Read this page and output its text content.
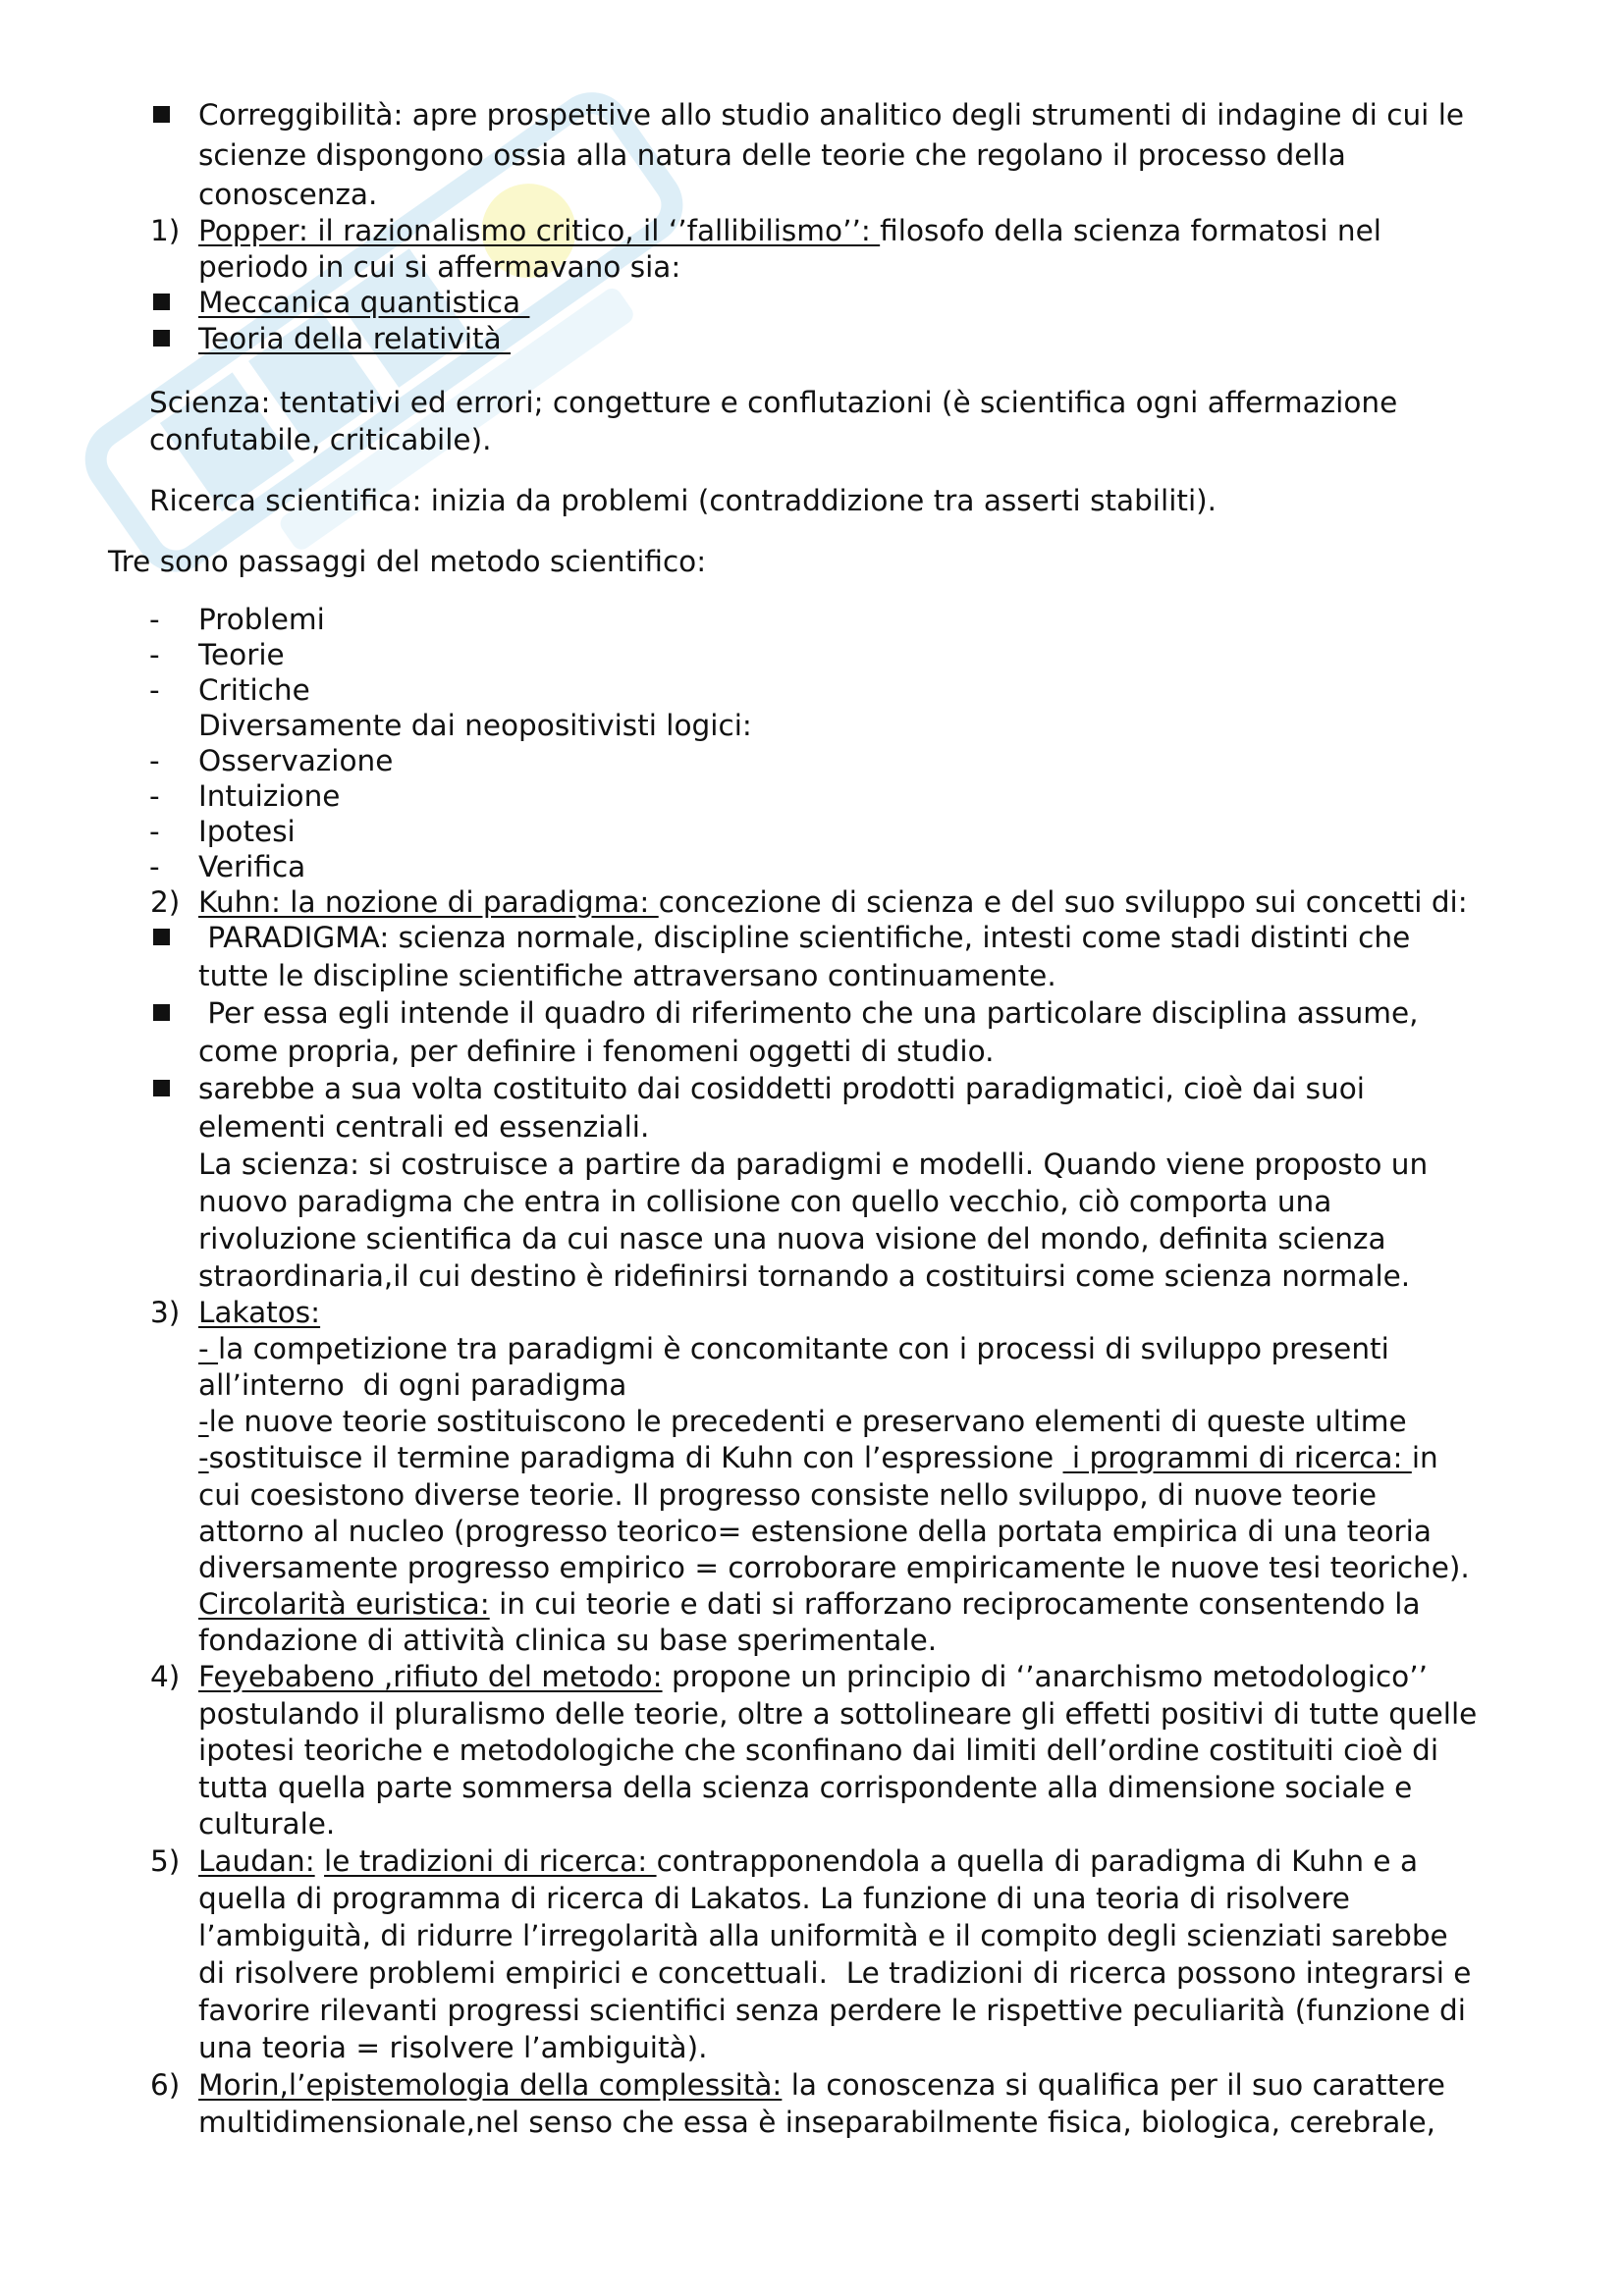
Correggibilità: apre prospettive allo studio analitico degli strumenti di indagine di cui le
scienze dispongono ossia alla natura delle teorie che regolano il processo della
conoscenza.
1) Popper: il razionalismo critico, il ‘’fallibilismo’’: filosofo della scienza formatosi nel
periodo in cui si affermavano sia:
Meccanica quantistica
Teoria della relatività
Scienza: tentativi ed errori; congetture e conflutazioni (è scientifica ogni affermazione
confutabile, criticabile).
Ricerca scientifica: inizia da problemi (contraddizione tra asserti stabiliti).
Tre sono passaggi del metodo scientifico:
- Problemi
- Teorie
- Critiche
Diversamente dai neopositivisti logici:
- Osservazione
- Intuizione
- Ipotesi
- Verifica
2) Kuhn: la nozione di paradigma: concezione di scienza e del suo sviluppo sui concetti di:
PARADIGMA: scienza normale, discipline scientifiche, intesti come stadi distinti che
tutte le discipline scientifiche attraversano continuamente.
Per essa egli intende il quadro di riferimento che una particolare disciplina assume,
come propria, per definire i fenomeni oggetti di studio.
sarebbe a sua volta costituito dai cosiddetti prodotti paradigmatici, cioè dai suoi
elementi centrali ed essenziali.
La scienza: si costruisce a partire da paradigmi e modelli. Quando viene proposto un
nuovo paradigma che entra in collisione con quello vecchio, ciò comporta una
rivoluzione scientifica da cui nasce una nuova visione del mondo, definita scienza
straordinaria,il cui destino è ridefinirsi tornando a costituirsi come scienza normale.
3) Lakatos:
- la competizione tra paradigmi è concomitante con i processi di sviluppo presenti
all’interno  di ogni paradigma
-le nuove teorie sostituiscono le precedenti e preservano elementi di queste ultime
-sostituisce il termine paradigma di Kuhn con l’espressione  i programmi di ricerca: in
cui coesistono diverse teorie. Il progresso consiste nello sviluppo, di nuove teorie
attorno al nucleo (progresso teorico= estensione della portata empirica di una teoria
diversamente progresso empirico = corroborare empiricamente le nuove tesi teoriche).
Circolarità euristica: in cui teorie e dati si rafforzano reciprocamente consentendo la
fondazione di attività clinica su base sperimentale.
4) Feyebabeno ,rifiuto del metodo: propone un principio di ‘’anarchismo metodologico’’
postulando il pluralismo delle teorie, oltre a sottolineare gli effetti positivi di tutte quelle
ipotesi teoriche e metodologiche che sconfinano dai limiti dell’ordine costituiti cioè di
tutta quella parte sommersa della scienza corrispondente alla dimensione sociale e
culturale.
5) Laudan: le tradizioni di ricerca: contrapponendola a quella di paradigma di Kuhn e a
quella di programma di ricerca di Lakatos. La funzione di una teoria di risolvere
l’ambiguità, di ridurre l’irregolarità alla uniformità e il compito degli scienziati sarebbe
di risolvere problemi empirici e concettuali.  Le tradizioni di ricerca possono integrarsi e
favorire rilevanti progressi scientifici senza perdere le rispettive peculiarità (funzione di
una teoria = risolvere l’ambiguità).
6) Morin,l’epistemologia della complessità: la conoscenza si qualifica per il suo carattere
multidimensionale,nel senso che essa è inseparabilmente fisica, biologica, cerebrale,
